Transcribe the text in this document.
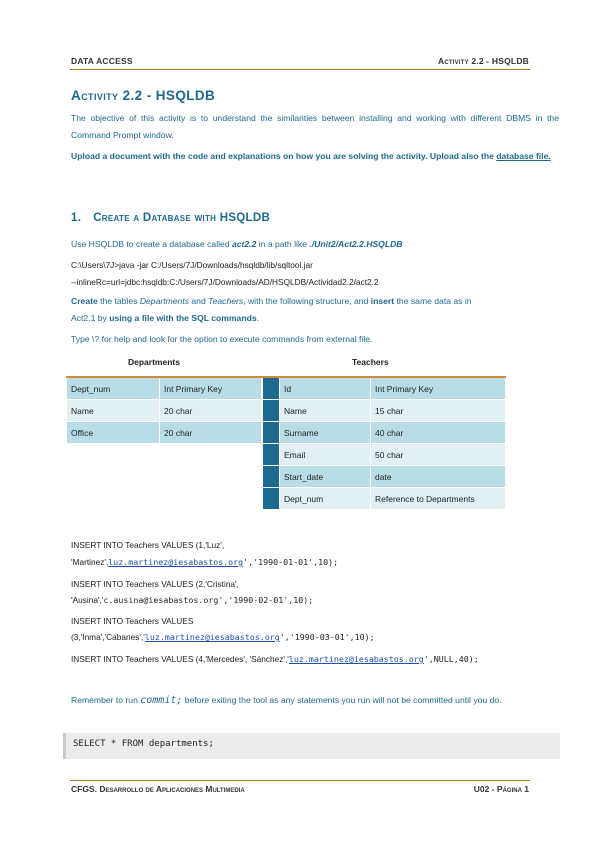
DATA ACCESS	Activity 2.2 - HSQLDB
Activity 2.2 - HSQLDB
The objective of this activity is to understand the similarities between installing and working with different DBMS in the Command Prompt window.
Upload a document with the code and explanations on how you are solving the activity. Upload also the database file.
1. Create a Database with HSQLDB
Use HSQLDB to create a database called act2.2 in a path like ./Unit2/Act2.2.HSQLDB
C:\Users\7J>java -jar C:/Users/7J/Downloads/hsqldb/lib/sqltool.jar
--inlineRc=url=jdbc:hsqldb:C:/Users/7J/Downloads/AD/HSQLDB/Actividad2.2/act2.2
Create the tables Departments and Teachers, with the following structure, and insert the same data as in
Act2.1 by using a file with the SQL commands.
Type \? for help and look for the option to execute commands from external file.
Departments	Teachers
Dept_num	Int Primary Key
Name	20 char
Office	20 char
	Id	Int Primary Key
	Name	15 char
	Surname	40 char
	Email	50 char
	Start_date	date
	Dept_num	Reference to Departments
INSERT INTO Teachers VALUES (1,'Luz',
'Martinez',luz.martinez@iesabastos.org','1990-01-01',10);
INSERT INTO Teachers VALUES (2,'Cristina',
'Ausina','c.ausina@iesabastos.org','1990-02-01',10);
INSERT INTO Teachers VALUES
(3,'Inma','Cabanes','luz.martinez@iesabastos.org','1990-03-01',10);
INSERT INTO Teachers VALUES (4,'Mercedes', 'Sánchez','luz.martinez@iesabastos.org',NULL,40);
Remember to run commit; before exiting the tool as any statements you run will not be committed until you do.
SELECT * FROM departments;
CFGS. Desarrollo de Aplicaciones Multimedia	U02 - Página 1
